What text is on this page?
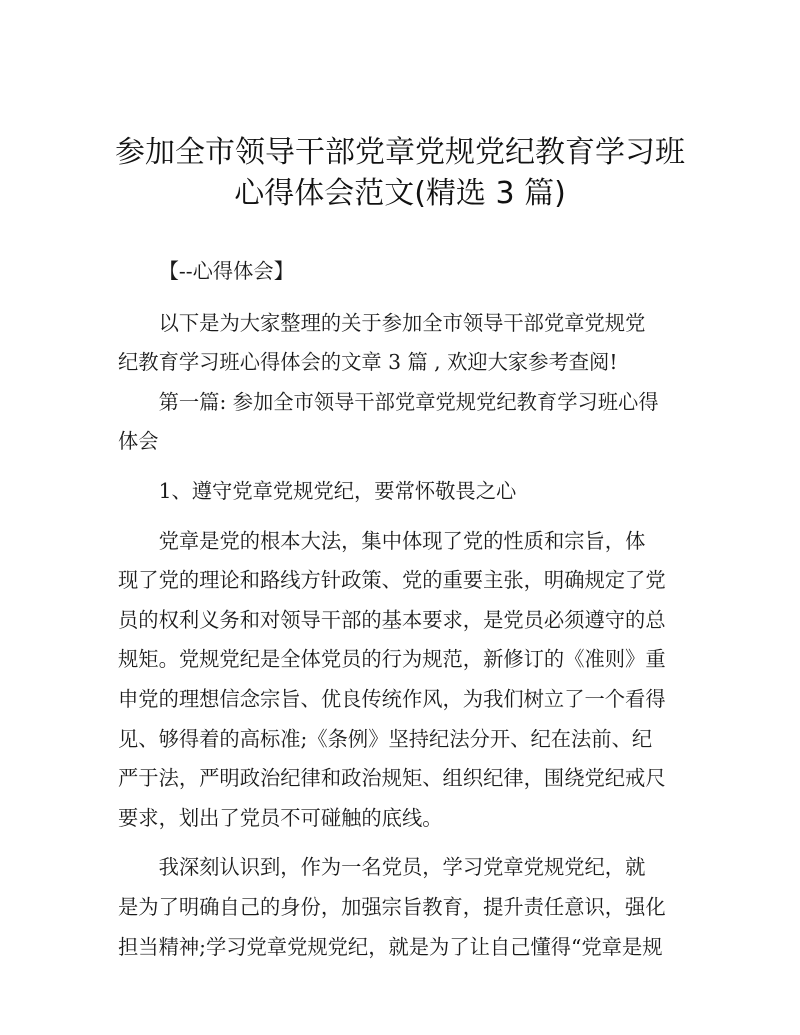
参加全市领导干部党章党规党纪教育学习班
心得体会范文(精选 3 篇)

【--心得体会】

以下是为大家整理的关于参加全市领导干部党章党规党
纪教育学习班心得体会的文章 3 篇 , 欢迎大家参考查阅!

第一篇: 参加全市领导干部党章党规党纪教育学习班心得
体会

1、遵守党章党规党纪，要常怀敬畏之心

党章是党的根本大法，集中体现了党的性质和宗旨，体
现了党的理论和路线方针政策、党的重要主张，明确规定了党
员的权利义务和对领导干部的基本要求，是党员必须遵守的总
规矩。党规党纪是全体党员的行为规范，新修订的《准则》重
申党的理想信念宗旨、优良传统作风，为我们树立了一个看得
见、够得着的高标准;《条例》坚持纪法分开、纪在法前、纪
严于法，严明政治纪律和政治规矩、组织纪律，围绕党纪戒尺
要求，划出了党员不可碰触的底线。

我深刻认识到，作为一名党员，学习党章党规党纪，就
是为了明确自己的身份，加强宗旨教育，提升责任意识，强化
担当精神;学习党章党规党纪，就是为了让自己懂得“党章是规
